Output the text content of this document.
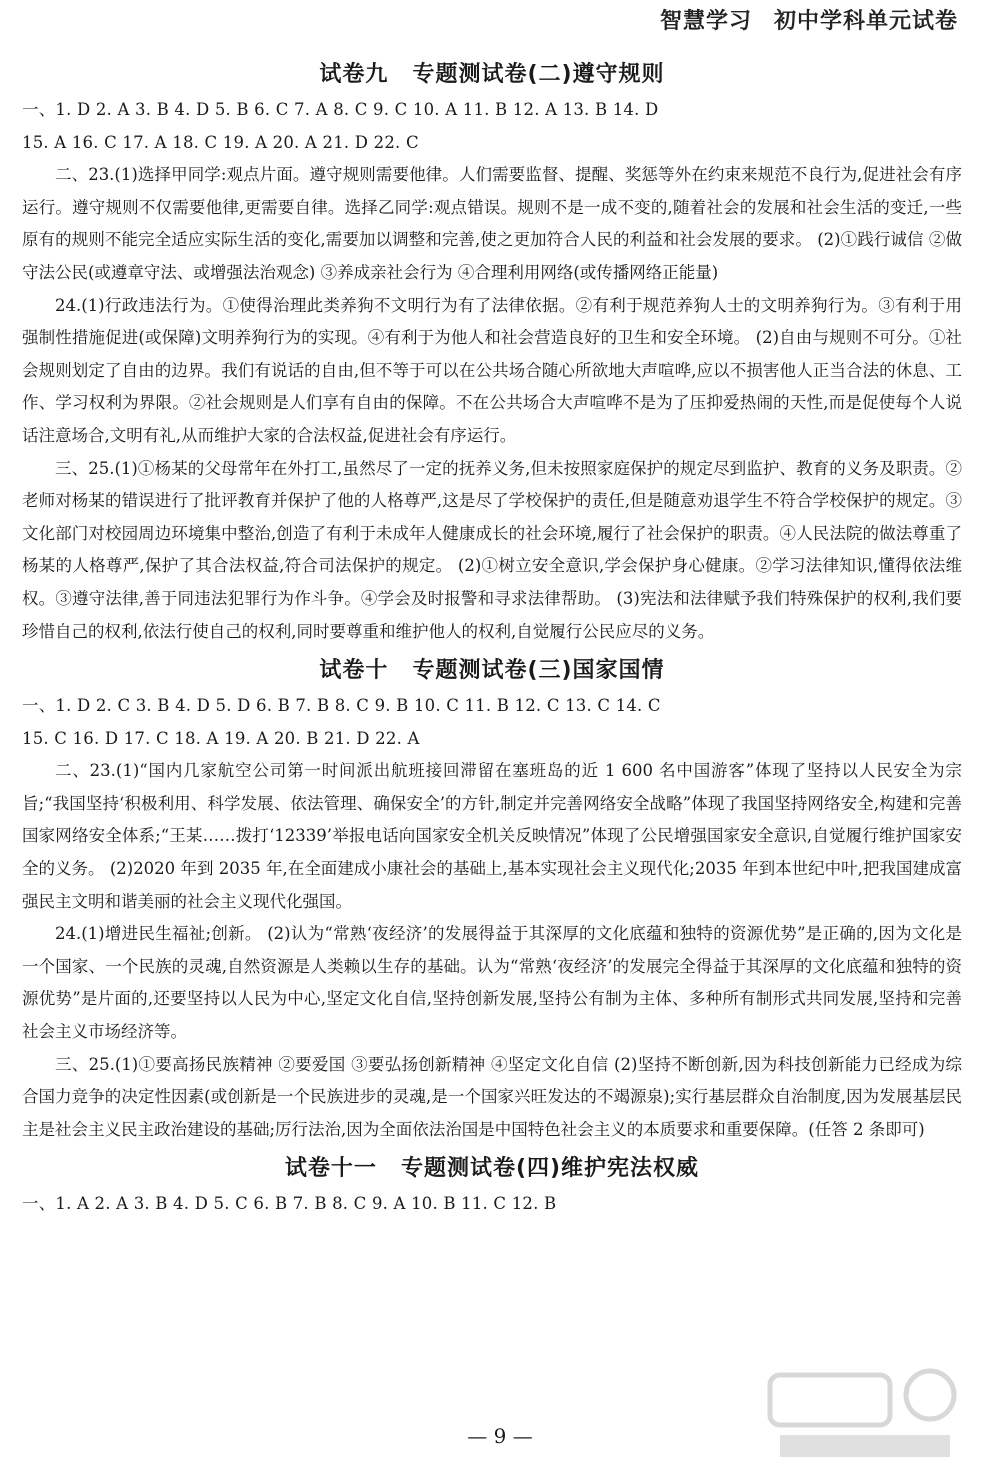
智慧学习 初中学科单元试卷
试卷九 专题测试卷(二)遵守规则

一、1. D 2. A 3. B 4. D 5. B 6. C 7. A 8. C 9. C 10. A 11. B 12. A 13. B 14. D

15. A 16. C 17. A 18. C 19. A 20. A 21. D 22. C

二、23.(1)选择甲同学:观点片面。遵守规则需要他律。人们需要监督、提醒、奖惩等外在约束来规范不良行为,促进社会有序运行。遵守规则不仅需要他律,更需要自律。选择乙同学:观点错误。规则不是一成不变的,随着社会的发展和社会生活的变迁,一些原有的规则不能完全适应实际生活的变化,需要加以调整和完善,使之更加符合人民的利益和社会发展的要求。 (2)①践行诚信 ②做守法公民(或遵章守法、或增强法治观念) ③养成亲社会行为 ④合理利用网络(或传播网络正能量)

24.(1)行政违法行为。①使得治理此类养狗不文明行为有了法律依据。②有利于规范养狗人士的文明养狗行为。③有利于用强制性措施促进(或保障)文明养狗行为的实现。④有利于为他人和社会营造良好的卫生和安全环境。 (2)自由与规则不可分。①社会规则划定了自由的边界。我们有说话的自由,但不等于可以在公共场合随心所欲地大声喧哗,应以不损害他人正当合法的休息、工作、学习权利为界限。②社会规则是人们享有自由的保障。不在公共场合大声喧哗不是为了压抑爱热闹的天性,而是促使每个人说话注意场合,文明有礼,从而维护大家的合法权益,促进社会有序运行。

三、25.(1)①杨某的父母常年在外打工,虽然尽了一定的抚养义务,但未按照家庭保护的规定尽到监护、教育的义务及职责。②老师对杨某的错误进行了批评教育并保护了他的人格尊严,这是尽了学校保护的责任,但是随意劝退学生不符合学校保护的规定。③文化部门对校园周边环境集中整治,创造了有利于未成年人健康成长的社会环境,履行了社会保护的职责。④人民法院的做法尊重了杨某的人格尊严,保护了其合法权益,符合司法保护的规定。 (2)①树立安全意识,学会保护身心健康。②学习法律知识,懂得依法维权。③遵守法律,善于同违法犯罪行为作斗争。④学会及时报警和寻求法律帮助。 (3)宪法和法律赋予我们特殊保护的权利,我们要珍惜自己的权利,依法行使自己的权利,同时要尊重和维护他人的权利,自觉履行公民应尽的义务。

试卷十 专题测试卷(三)国家国情

一、1. D 2. C 3. B 4. D 5. D 6. B 7. B 8. C 9. B 10. C 11. B 12. C 13. C 14. C

15. C 16. D 17. C 18. A 19. A 20. B 21. D 22. A

二、23.(1)“国内几家航空公司第一时间派出航班接回滞留在塞班岛的近 1 600 名中国游客”体现了坚持以人民安全为宗旨;“我国坚持‘积极利用、科学发展、依法管理、确保安全’的方针,制定并完善网络安全战略”体现了我国坚持网络安全,构建和完善国家网络安全体系;“王某……拨打‘12339’举报电话向国家安全机关反映情况”体现了公民增强国家安全意识,自觉履行维护国家安全的义务。 (2)2020 年到 2035 年,在全面建成小康社会的基础上,基本实现社会主义现代化;2035 年到本世纪中叶,把我国建成富强民主文明和谐美丽的社会主义现代化强国。

24.(1)增进民生福祉;创新。 (2)认为“常熟‘夜经济’的发展得益于其深厚的文化底蕴和独特的资源优势”是正确的,因为文化是一个国家、一个民族的灵魂,自然资源是人类赖以生存的基础。认为“常熟‘夜经济’的发展完全得益于其深厚的文化底蕴和独特的资源优势”是片面的,还要坚持以人民为中心,坚定文化自信,坚持创新发展,坚持公有制为主体、多种所有制形式共同发展,坚持和完善社会主义市场经济等。

三、25.(1)①要高扬民族精神 ②要爱国 ③要弘扬创新精神 ④坚定文化自信 (2)坚持不断创新,因为科技创新能力已经成为综合国力竞争的决定性因素(或创新是一个民族进步的灵魂,是一个国家兴旺发达的不竭源泉);实行基层群众自治制度,因为发展基层民主是社会主义民主政治建设的基础;厉行法治,因为全面依法治国是中国特色社会主义的本质要求和重要保障。(任答 2 条即可)

试卷十一 专题测试卷(四)维护宪法权威

一、1. A 2. A 3. B 4. D 5. C 6. B 7. B 8. C 9. A 10. B 11. C 12. B

— 9 —
